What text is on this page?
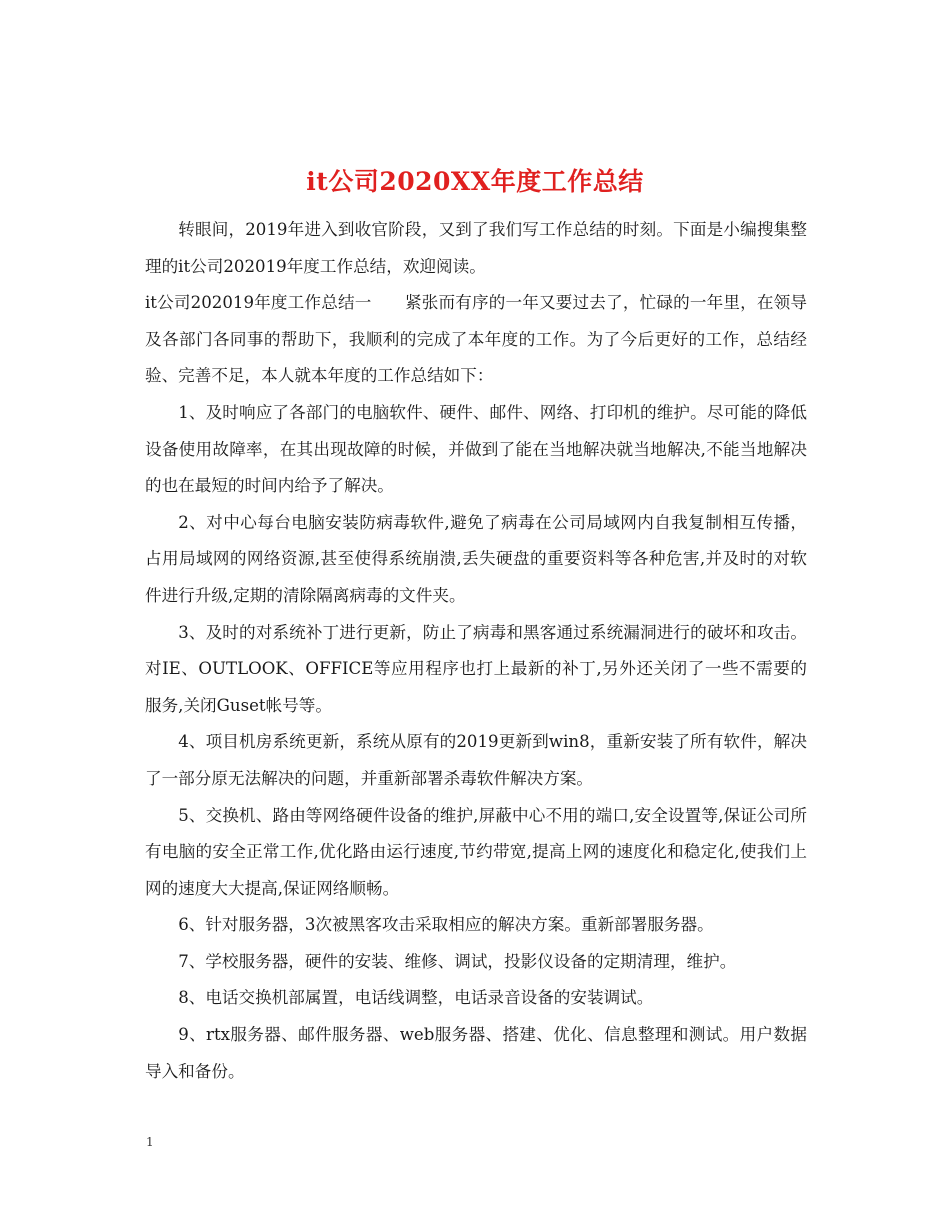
it公司2020XX年度工作总结

转眼间，2019年进入到收官阶段，又到了我们写工作总结的时刻。下面是小编搜集整理的it公司202019年度工作总结，欢迎阅读。

it公司202019年度工作总结一　　紧张而有序的一年又要过去了，忙碌的一年里，在领导及各部门各同事的帮助下，我顺利的完成了本年度的工作。为了今后更好的工作，总结经验、完善不足，本人就本年度的工作总结如下：

1、及时响应了各部门的电脑软件、硬件、邮件、网络、打印机的维护。尽可能的降低设备使用故障率，在其出现故障的时候，并做到了能在当地解决就当地解决,不能当地解决的也在最短的时间内给予了解决。

2、对中心每台电脑安装防病毒软件,避免了病毒在公司局域网内自我复制相互传播，占用局域网的网络资源,甚至使得系统崩溃,丢失硬盘的重要资料等各种危害,并及时的对软件进行升级,定期的清除隔离病毒的文件夹。

3、及时的对系统补丁进行更新，防止了病毒和黑客通过系统漏洞进行的破坏和攻击。对IE、OUTLOOK、OFFICE等应用程序也打上最新的补丁,另外还关闭了一些不需要的服务,关闭Guset帐号等。

4、项目机房系统更新，系统从原有的2019更新到win8，重新安装了所有软件，解决了一部分原无法解决的问题，并重新部署杀毒软件解决方案。

5、交换机、路由等网络硬件设备的维护,屏蔽中心不用的端口,安全设置等,保证公司所有电脑的安全正常工作,优化路由运行速度,节约带宽,提高上网的速度化和稳定化,使我们上网的速度大大提高,保证网络顺畅。

6、针对服务器，3次被黑客攻击采取相应的解决方案。重新部署服务器。

7、学校服务器，硬件的安装、维修、调试，投影仪设备的定期清理，维护。

8、电话交换机部属置，电话线调整，电话录音设备的安装调试。

9、rtx服务器、邮件服务器、web服务器、搭建、优化、信息整理和测试。用户数据导入和备份。

1
